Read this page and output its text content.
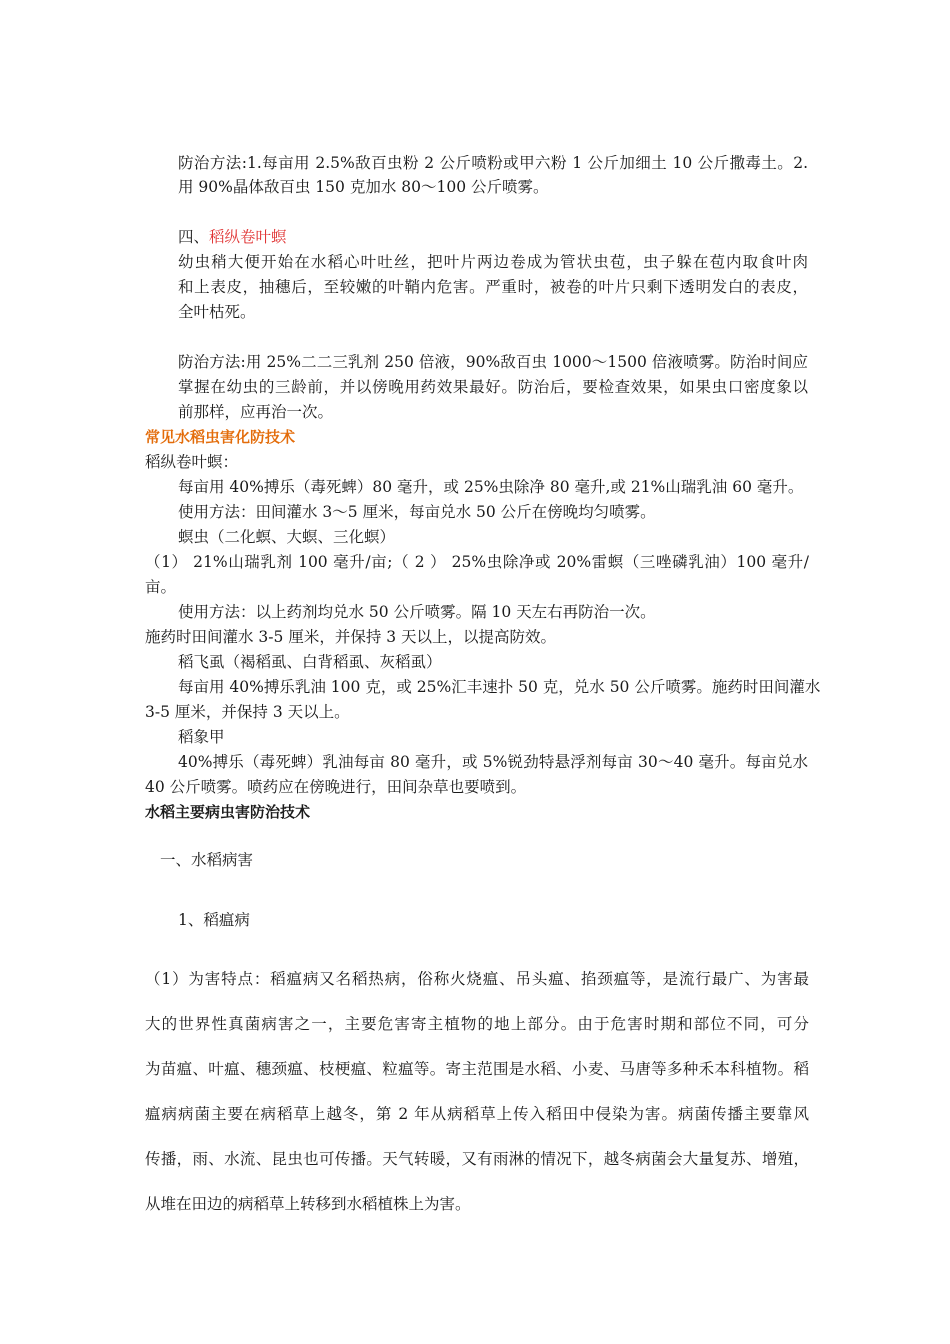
防治方法:1.每亩用 2.5%敌百虫粉 2 公斤喷粉或甲六粉 1 公斤加细土 10 公斤撒毒土。2.
用 90%晶体敌百虫 150 克加水 80～100 公斤喷雾。
四、稻纵卷叶螟
幼虫稍大便开始在水稻心叶吐丝，把叶片两边卷成为管状虫苞，虫子躲在苞内取食叶肉
和上表皮，抽穗后，至较嫩的叶鞘内危害。严重时，被卷的叶片只剩下透明发白的表皮，
全叶枯死。
防治方法:用 25%二二三乳剂 250 倍液，90%敌百虫 1000～1500 倍液喷雾。防治时间应
掌握在幼虫的三龄前，并以傍晚用药效果最好。防治后，要检查效果，如果虫口密度象以
前那样，应再治一次。
常见水稻虫害化防技术
稻纵卷叶螟：
每亩用 40%搏乐（毒死蜱）80 毫升，或 25%虫除净 80 毫升,或 21%山瑞乳油 60 毫升。
使用方法：田间灌水 3～5 厘米，每亩兑水 50 公斤在傍晚均匀喷雾。
螟虫（二化螟、大螟、三化螟）
（1） 21%山瑞乳剂 100 毫升/亩;（ 2 ） 25%虫除净或 20%雷螟（三唑磷乳油）100 毫升/
亩。
使用方法：以上药剂均兑水 50 公斤喷雾。隔 10 天左右再防治一次。
施药时田间灌水 3-5 厘米，并保持 3 天以上，以提高防效。
稻飞虱（褐稻虱、白背稻虱、灰稻虱）
每亩用 40%搏乐乳油 100 克，或 25%汇丰速扑 50 克，兑水 50 公斤喷雾。施药时田间灌水
3-5 厘米，并保持 3 天以上。
稻象甲
40%搏乐（毒死蜱）乳油每亩 80 毫升，或 5%锐劲特悬浮剂每亩 30～40 毫升。每亩兑水
40 公斤喷雾。喷药应在傍晚进行，田间杂草也要喷到。
水稻主要病虫害防治技术
一、水稻病害
1、稻瘟病
（1）为害特点：稻瘟病又名稻热病，俗称火烧瘟、吊头瘟、掐颈瘟等，是流行最广、为害最
大的世界性真菌病害之一，主要危害寄主植物的地上部分。由于危害时期和部位不同，可分
为苗瘟、叶瘟、穗颈瘟、枝梗瘟、粒瘟等。寄主范围是水稻、小麦、马唐等多种禾本科植物。稻
瘟病病菌主要在病稻草上越冬，第 2 年从病稻草上传入稻田中侵染为害。病菌传播主要靠风
传播，雨、水流、昆虫也可传播。天气转暖，又有雨淋的情况下，越冬病菌会大量复苏、增殖，
从堆在田边的病稻草上转移到水稻植株上为害。
